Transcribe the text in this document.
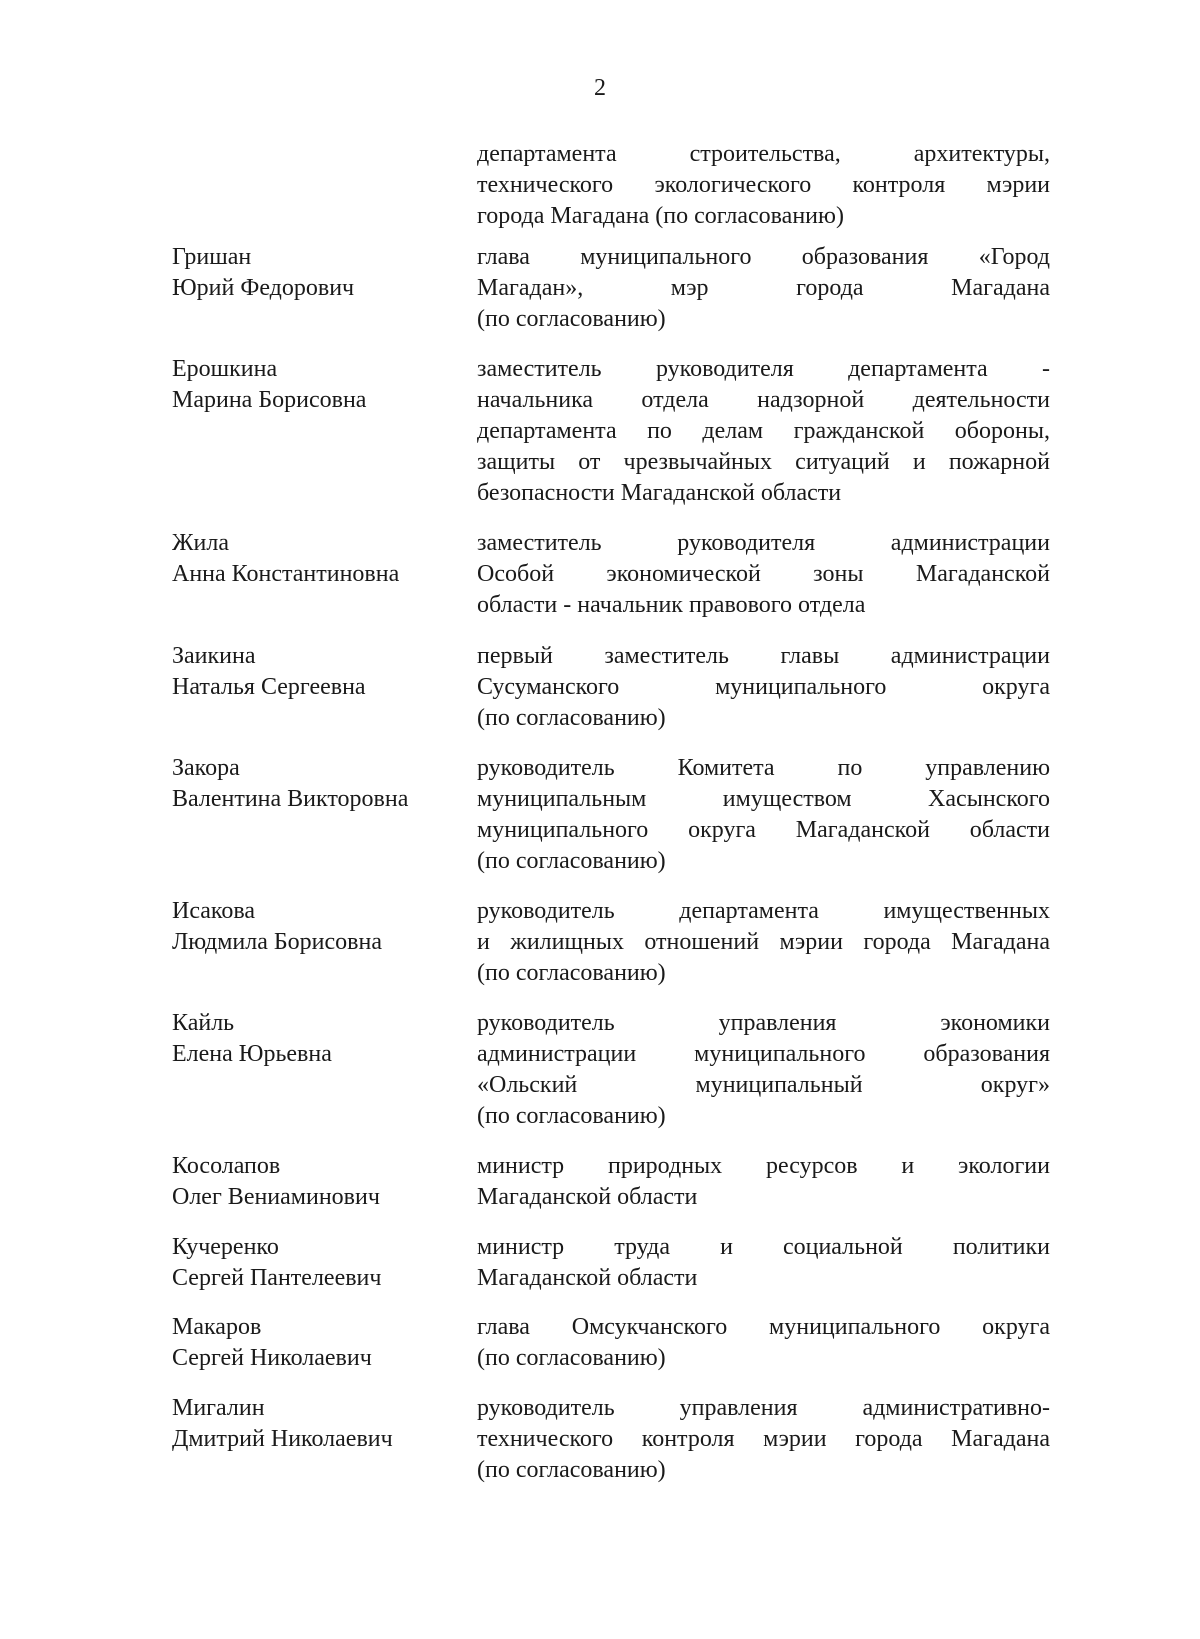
2
департамента строительства, архитектуры,
технического экологического контроля мэрии
города Магадана (по согласованию)
Гришан
Юрий Федорович
глава муниципального образования «Город
Магадан», мэр города Магадана
(по согласованию)
Ерошкина
Марина Борисовна
заместитель руководителя департамента -
начальника отдела надзорной деятельности
департамента по делам гражданской обороны,
защиты от чрезвычайных ситуаций и пожарной
безопасности Магаданской области
Жила
Анна Константиновна
заместитель руководителя администрации
Особой экономической зоны Магаданской
области - начальник правового отдела
Заикина
Наталья Сергеевна
первый заместитель главы администрации
Сусуманского муниципального округа
(по согласованию)
Закора
Валентина Викторовна
руководитель Комитета по управлению
муниципальным имуществом Хасынского
муниципального округа Магаданской области
(по согласованию)
Исакова
Людмила Борисовна
руководитель департамента имущественных
и жилищных отношений мэрии города Магадана
(по согласованию)
Кайль
Елена Юрьевна
руководитель управления экономики
администрации муниципального образования
«Ольский муниципальный округ»
(по согласованию)
Косолапов
Олег Вениаминович
министр природных ресурсов и экологии
Магаданской области
Кучеренко
Сергей Пантелеевич
министр труда и социальной политики
Магаданской области
Макаров
Сергей Николаевич
глава Омсукчанского муниципального округа
(по согласованию)
Мигалин
Дмитрий Николаевич
руководитель управления административно-
технического контроля мэрии города Магадана
(по согласованию)
